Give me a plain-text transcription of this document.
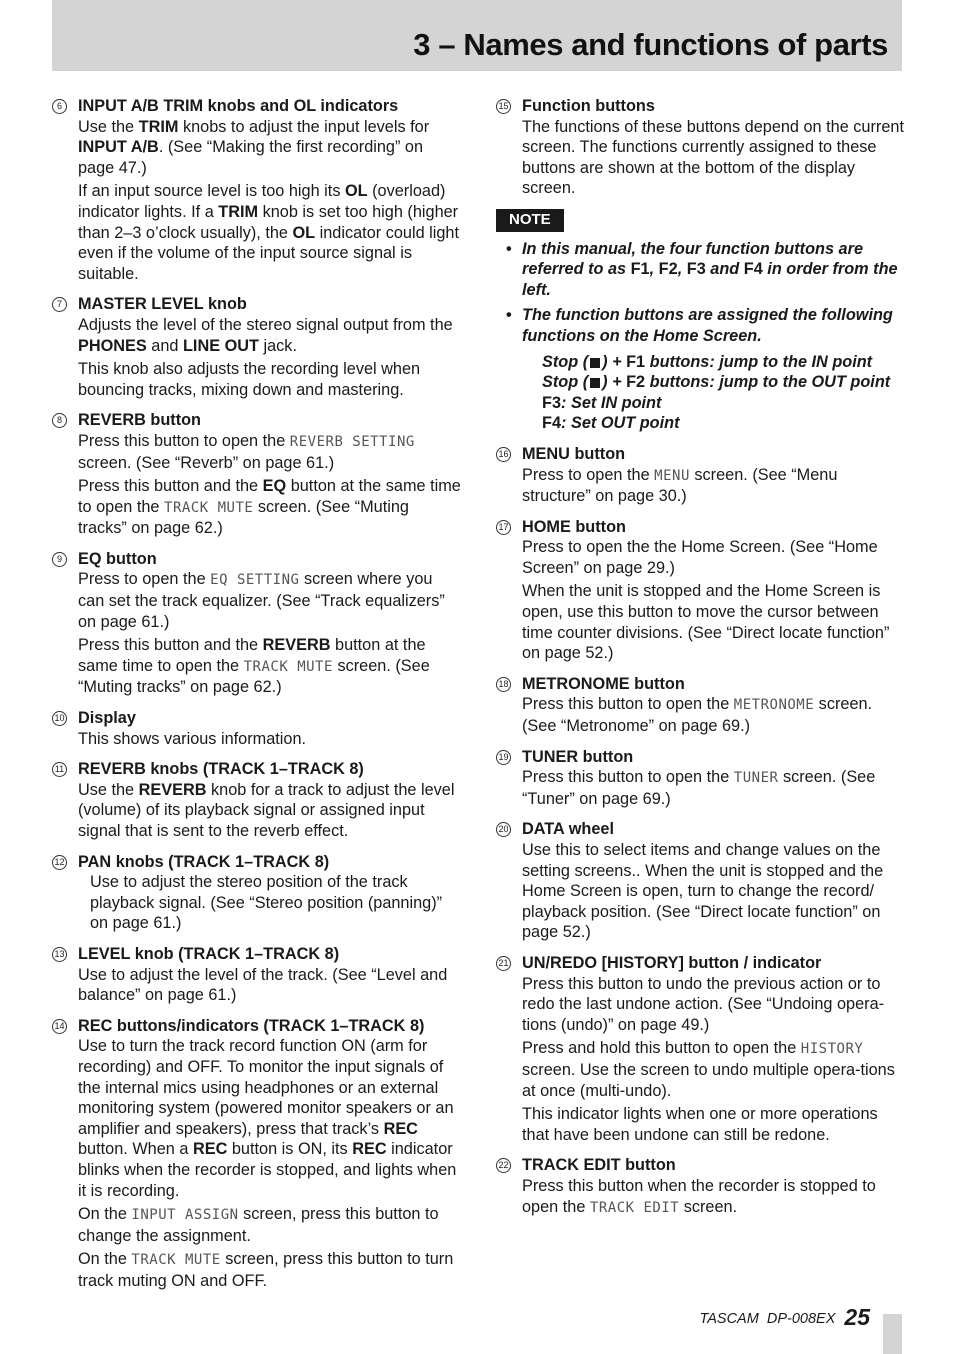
3 – Names and functions of parts
6 INPUT A/B TRIM knobs and OL indicators

Use the TRIM knobs to adjust the input levels for INPUT A/B. (See “Making the first recording” on page 47.)

If an input source level is too high its OL (overload) indicator lights. If a TRIM knob is set too high (higher than 2–3 o’clock usually), the OL indicator could light even if the volume of the input source signal is suitable.

7 MASTER LEVEL knob

Adjusts the level of the stereo signal output from the PHONES and LINE OUT jack.

This knob also adjusts the recording level when bouncing tracks, mixing down and mastering.

8 REVERB button

Press this button to open the REVERB SETTING screen. (See “Reverb” on page 61.)

Press this button and the EQ button at the same time to open the TRACK MUTE screen. (See “Muting tracks” on page 62.)

9 EQ button

Press to open the EQ SETTING screen where you can set the track equalizer. (See “Track equalizers” on page 61.)

Press this button and the REVERB button at the same time to open the TRACK MUTE screen. (See “Muting tracks” on page 62.)

10 Display

This shows various information.

11 REVERB knobs (TRACK 1–TRACK 8)

Use the REVERB knob for a track to adjust the level (volume) of its playback signal or assigned input signal that is sent to the reverb effect.

12 PAN knobs (TRACK 1–TRACK 8)

Use to adjust the stereo position of the track playback signal. (See “Stereo position (panning)” on page 61.)

13 LEVEL knob (TRACK 1–TRACK 8)

Use to adjust the level of the track. (See “Level and balance” on page 61.)

14 REC buttons/indicators (TRACK 1–TRACK 8)

Use to turn the track record function ON (arm for recording) and OFF. To monitor the input signals of the internal mics using headphones or an external monitoring system (powered monitor speakers or an amplifier and speakers), press that track’s REC button. When a REC button is ON, its REC indicator blinks when the recorder is stopped, and lights when it is recording.

On the INPUT ASSIGN screen, press this button to change the assignment.

On the TRACK MUTE screen, press this button to turn track muting ON and OFF.

15 Function buttons

The functions of these buttons depend on the current screen. The functions currently assigned to these buttons are shown at the bottom of the display screen.

NOTE
• In this manual, the four function buttons are referred to as F1, F2, F3 and F4 in order from the left.
• The function buttons are assigned the following functions on the Home Screen.

Stop ( ) + F1 buttons: jump to the IN point

Stop ( ) + F2 buttons: jump to the OUT point

F3: Set IN point

F4: Set OUT point

16 MENU button

Press to open the MENU screen. (See “Menu structure” on page 30.)

17 HOME button

Press to open the the Home Screen. (See “Home Screen” on page 29.)

When the unit is stopped and the Home Screen is open, use this button to move the cursor between time counter divisions. (See “Direct locate function” on page 52.)

18 METRONOME button

Press this button to open the METRONOME screen. (See “Metronome” on page 69.)

19 TUNER button

Press this button to open the TUNER screen. (See “Tuner” on page 69.)

20 DATA wheel

Use this to select items and change values on the setting screens.. When the unit is stopped and the Home Screen is open, turn to change the record/ playback position. (See “Direct locate function” on page 52.)

21 UN/REDO [HISTORY] button / indicator

Press this button to undo the previous action or to redo the last undone action. (See “Undoing opera-tions (undo)” on page 49.)

Press and hold this button to open the HISTORY screen. Use the screen to undo multiple opera-tions at once (multi-undo).

This indicator lights when one or more operations that have been undone can still be redone.

22 TRACK EDIT button

Press this button when the recorder is stopped to open the TRACK EDIT screen.

TASCAM  DP-008EX 25
